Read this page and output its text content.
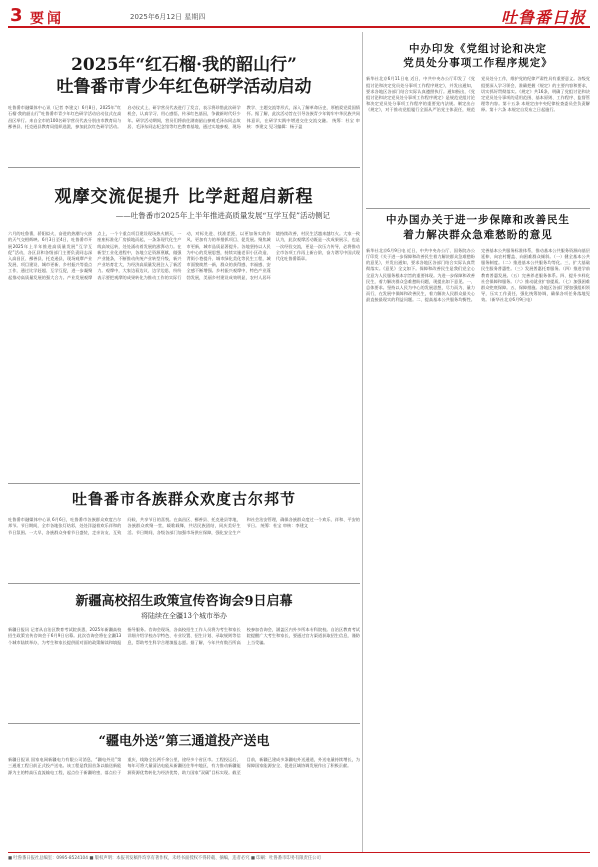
3 要闻	2025年6月12日 星期四	吐鲁番日报
2025年“红石榴·我的韶山行”
吐鲁番市青少年红色研学活动启动
吐鲁番市融媒体中心讯（记者 李建文）6月8日，2025年“红石榴·我的韶山行”吐鲁番市青少年红色研学活动启动仪式在高昌区举行。来自全市的100名研学营员代表分别由市教育局与鄯善县、托克逊县教育局组织选派，参加此次红色研学活动。启动仪式上，研学营员代表进行了发言，表示将珍惜此次研学机会，认真学习、用心感悟，传承红色基因，争做新时代好少年。研学活动期间，营员们将前往湖南韶山参观毛泽东同志故居、毛泽东同志纪念馆等红色教育基地，通过实地参观、现场教学、主题交流等形式，深入了解革命历史，厚植爱党爱国情怀。据了解，此次活动旨在引导各族青少年铸牢中华民族共同体意识，在研学实践中增进交往交流交融。 统筹：杜宝 审核：李建文 见习编辑：杨子盈
观摩交流促提升 比学赶超启新程
——吐鲁番市2025年上半年推进高质量发展“互学互促”活动侧记
六月的吐鲁番，骄阳似火，奋进的热潮与火热的天气交相辉映。6月3日至4日，吐鲁番市开展2025年上半年推进高质量发展“互学互促”活动，各区县和各级部门主要负责同志深入高昌区、鄯善县、托克逊县，现场观摩产业发展、项目建设、城市更新、乡村振兴等重点工作，通过比学赶超、互学互促，进一步凝聚起推动高质量发展的强大合力。产业发展观摩点上，一个个重点项目建设现场热火朝天，一座座标准化厂房拔地而起，一条条现代化生产线高效运转，处处涌动着发展的澎湃动力。在新型工业化进程中，各地立足资源禀赋，做强产业链条，不断推动传统产业转型升级，新兴产业培育壮大，为经济高质量发展注入了新活力。观摩中，大家边看边议、边学边思，纷纷表示要把观摩的成果转化为推动工作的实际行动，对标先进、找准差距，以更加务实的作风、更加有力的举措抓项目、促发展。聚焦城市更新，城市品质显著提升。各地坚持以人民为中心的发展思想，持续实施老旧小区改造、背街小巷提升、城市绿化美化等民生工程，城市面貌焕然一新，群众的获得感、幸福感、安全感不断增强。乡村振兴观摩中，特色产业蓬勃发展，美丽乡村建设成效明显，农村人居环境持续改善，村民生活越来越红火。大家一致认为，此次观摩活动既是一次成果展示，也是一次经验交流，更是一次压力传导，必将推动全市各项工作再上新台阶，奋力谱写中国式现代化吐鲁番篇章。
吐鲁番市各族群众欢度古尔邦节
吐鲁番市融媒体中心讯 6月6日，吐鲁番市各族群众欢度古尔邦节。节日期间，全市各地张灯结彩，处处洋溢着欢乐祥和的节日氛围。一大早，各族群众身着节日盛装，走亲访友、互致问候，共享节日的喜悦。在高昌区、鄯善县、托克逊县等地，各族群众欢聚一堂，载歌载舞，共话民族团结，同庆美好生活。节日期间，各级各部门加强市场供应保障，强化安全生产和社会治安管理，确保各族群众度过一个欢乐、祥和、平安的节日。 统筹：杜宝 审核：李建文
新疆高校招生政策宣传咨询会9日启幕
将陆续在全疆13个城市举办
新疆日报讯 记者从自治区教育考试院获悉，2025年新疆高校招生政策宣传咨询会于6月9日启幕。此次咨询会将在全疆13个城市陆续举办，为考生和家长提供面对面的政策解读和填报指导服务。咨询会现场，各高校招生工作人员将为考生和家长详细介绍学校办学特色、专业设置、招生计划、录取规则等信息，帮助考生科学合理填报志愿。据了解，今年共有数百所高校参加咨询会，涵盖区内外多所本专科院校。自治区教育考试院提醒广大考生和家长，要通过官方渠道获取招生信息，谨防上当受骗。
“疆电外送”第三通道投产送电
新疆日报讯 国家电网新疆电力有限公司消息，“疆电外送”第三通道工程日前正式投产送电。该工程是我国首条以输送新能源为主的特高压直流输电工程，起点位于新疆哈密，落点位于重庆，线路全长两千余公里，途经多个省区市。工程投运后，每年可将大量清洁电能从新疆送往华中地区，有力推动新疆能源资源优势转化为经济优势，助力国家“双碳”目标实现。截至目前，新疆已建成多条疆电外送通道，外送电量持续增长，为保障国家能源安全、促进区域协调发展作出了积极贡献。
中办印发《党组讨论和决定
党员处分事项工作程序规定》
新华社北京6月11日电 近日，中共中央办公厅印发了《党组讨论和决定党员处分事项工作程序规定》，并发出通知，要求各地区各部门结合实际认真遵照执行。通知指出，《党组讨论和决定党员处分事项工作程序规定》是规范党组讨论和决定党员处分事项工作程序的重要党内法规。制定出台《规定》，对于推动党组履行全面从严治党主体责任，规范党员处分工作，维护党的纪律严肃性具有重要意义。各级党组要深入学习领会，准确把握《规定》的主要内容和要求，切实抓好贯彻落实。《规定》共16条，明确了党组讨论和决定党员处分事项的适用范围、基本原则、工作程序、监督管理等内容。第十五条 本规定由中央纪律检查委员会负责解释。第十六条 本规定自发布之日起施行。
中办国办关于进一步保障和改善民生
着力解决群众急难愁盼的意见
新华社北京6月9日电 近日，中共中央办公厅、国务院办公厅印发《关于进一步保障和改善民生着力解决群众急难愁盼的意见》，并发出通知，要求各地区各部门结合实际认真贯彻落实。《意见》全文如下。保障和改善民生是我们党全心全意为人民服务根本宗旨的重要体现。为进一步保障和改善民生，着力解决群众急难愁盼问题，现提出如下意见。一、总体要求。坚持以人民为中心的发展思想，尽力而为、量力而行，在发展中保障和改善民生，着力解决人民群众最关心最直接最现实的利益问题。二、提高基本公共服务均衡性。完善基本公共服务标准体系，推动基本公共服务资源向基层延伸、向农村覆盖、向困难群众倾斜。（一）健全基本公共服务制度。（二）推进基本公共服务均等化。三、扩大基础民生服务普惠性。（三）发展普惠托育服务。（四）推进学前教育普惠发展。（五）完善养老服务体系。四、提升多样化社会保障和服务。（六）推动就业扩容提质。（七）加强困难群众兜底保障。五、保障措施。各地区各部门要加强组织领导，压实工作责任，强化统筹协调，确保各项任务落地见效。（新华社北京6月9日电）
■ 吐鲁番日报社总编室：0995-8524104 ■ 版权声明：本报刊发稿件均享有著作权，未经书面授权不得转载、摘编，违者必究 ■ 印刷：吐鲁番市印务有限责任公司
